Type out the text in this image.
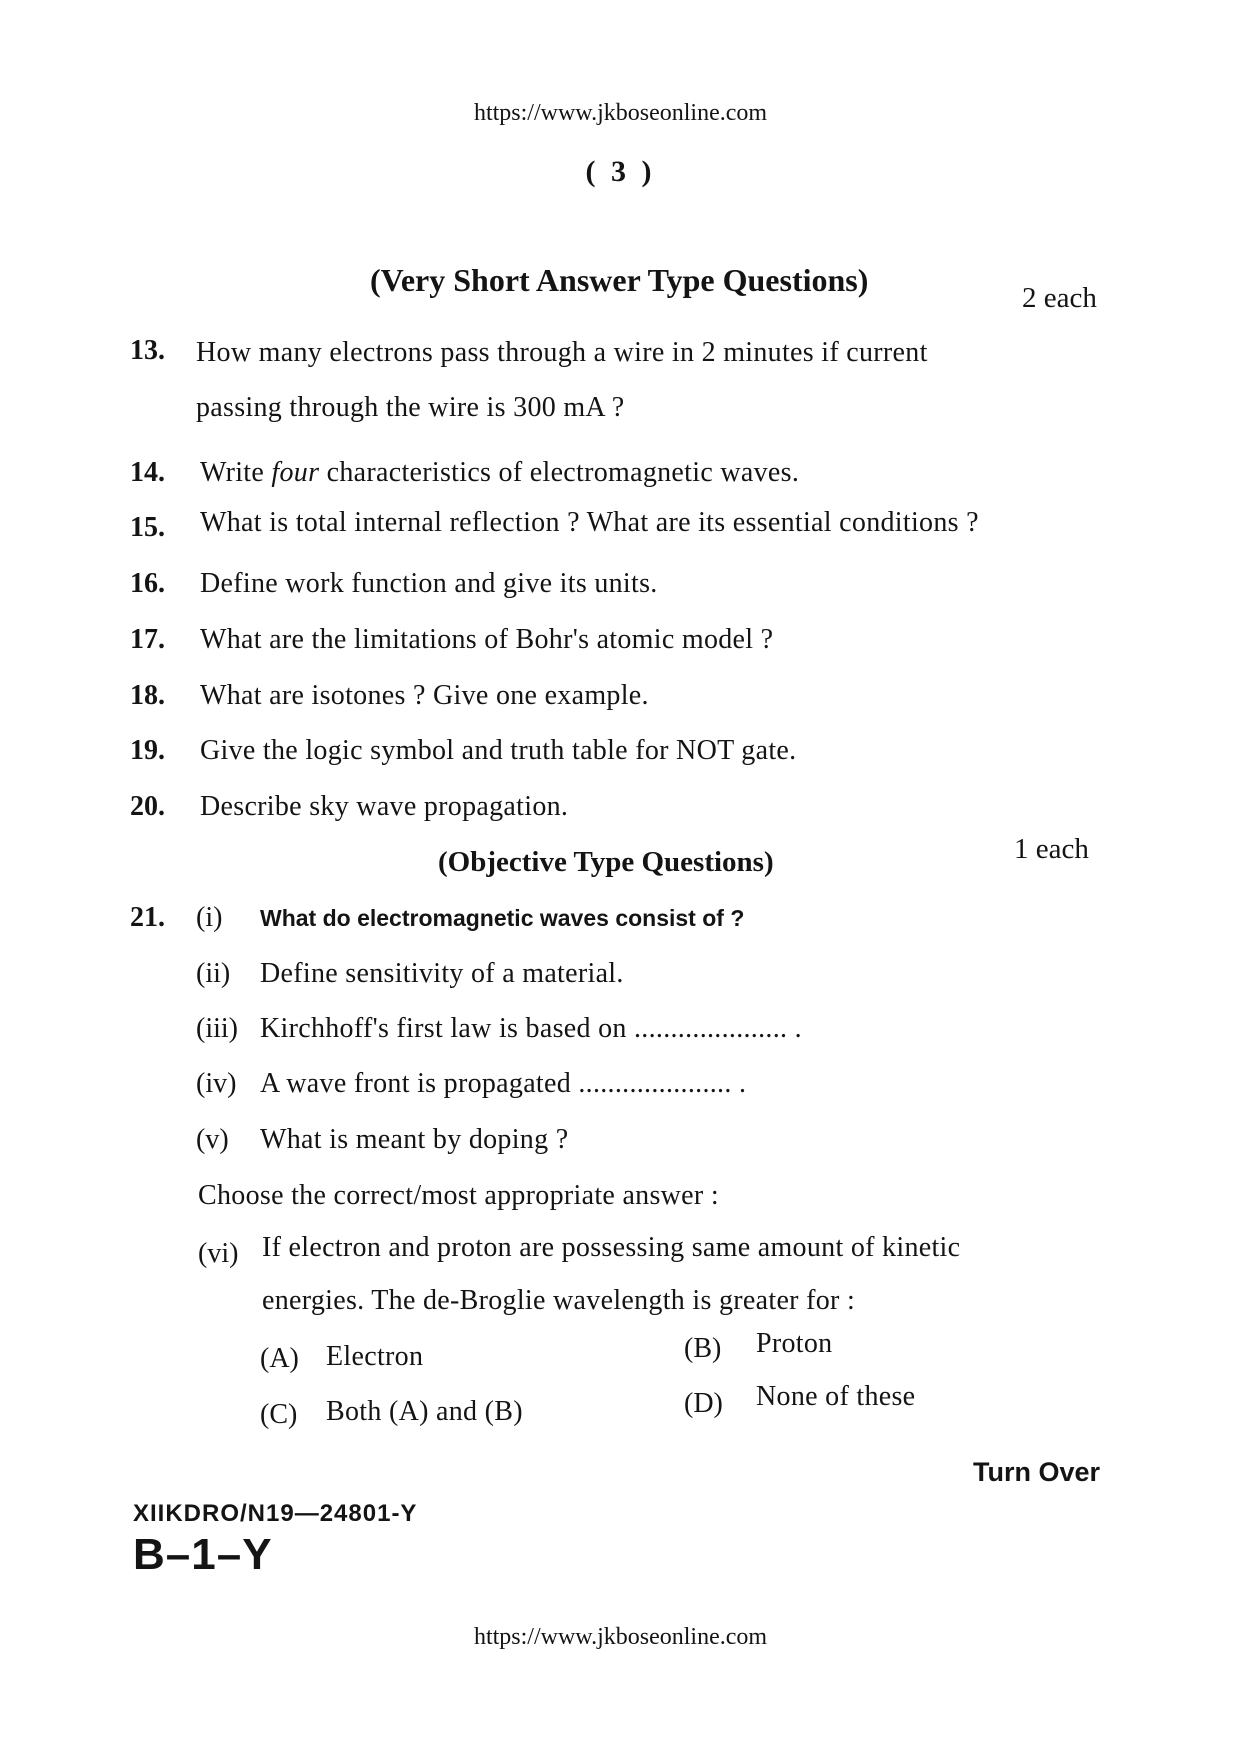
https://www.jkboseonline.com
( 3 )
(Very Short Answer Type Questions)	2 each
13. How many electrons pass through a wire in 2 minutes if current
passing through the wire is 300 mA ?
14. Write four characteristics of electromagnetic waves.
15. What is total internal reflection ? What are its essential conditions ?
16. Define work function and give its units.
17. What are the limitations of Bohr's atomic model ?
18. What are isotones ? Give one example.
19. Give the logic symbol and truth table for NOT gate.
20. Describe sky wave propagation.
(Objective Type Questions)	1 each
21. (i) What do electromagnetic waves consist of ?
(ii) Define sensitivity of a material.
(iii) Kirchhoff's first law is based on ..................... .
(iv) A wave front is propagated ..................... .
(v) What is meant by doping ?
Choose the correct/most appropriate answer :
(vi) If electron and proton are possessing same amount of kinetic
energies. The de-Broglie wavelength is greater for :
(A) Electron	(B) Proton
(C) Both (A) and (B)	(D) None of these
Turn Over
XIIKDRO/N19—24801-Y
B–1–Y
https://www.jkboseonline.com
